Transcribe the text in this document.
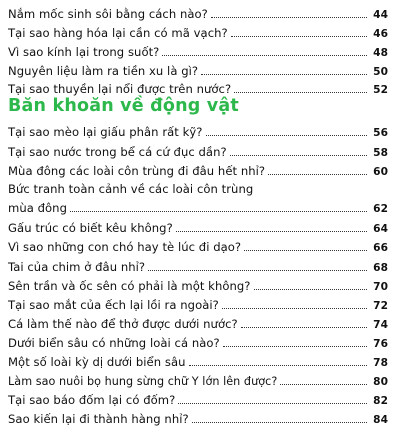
Nắm mốc sinh sôi bằng cách nào?	44
Tại sao hàng hóa lại cần có mã vạch?	46
Vì sao kính lại trong suốt?	48
Nguyên liệu làm ra tiền xu là gì?	50
Tại sao thuyền lại nổi được trên nước?	52
Băn khoăn về động vật
Tại sao mèo lại giấu phân rất kỹ?	56
Tại sao nước trong bể cá cứ đục dần?	58
Mùa đông các loài côn trùng đi đâu hết nhỉ?	60
Bức tranh toàn cảnh về các loài côn trùng
mùa đông	62
Gấu trúc có biết kêu không?	64
Vì sao những con chó hay tè lúc đi dạo?	66
Tai của chim ở đâu nhỉ?	68
Sên trần và ốc sên có phải là một không?	70
Tại sao mắt của ếch lại lồi ra ngoài?	72
Cá làm thế nào để thở được dưới nước?	74
Dưới biển sâu có những loài cá nào?	76
Một số loài kỳ dị dưới biển sâu	78
Làm sao nuôi bọ hung sừng chữ Y lớn lên được?	80
Tại sao báo đốm lại có đốm?	82
Sao kiến lại đi thành hàng nhỉ?	84
